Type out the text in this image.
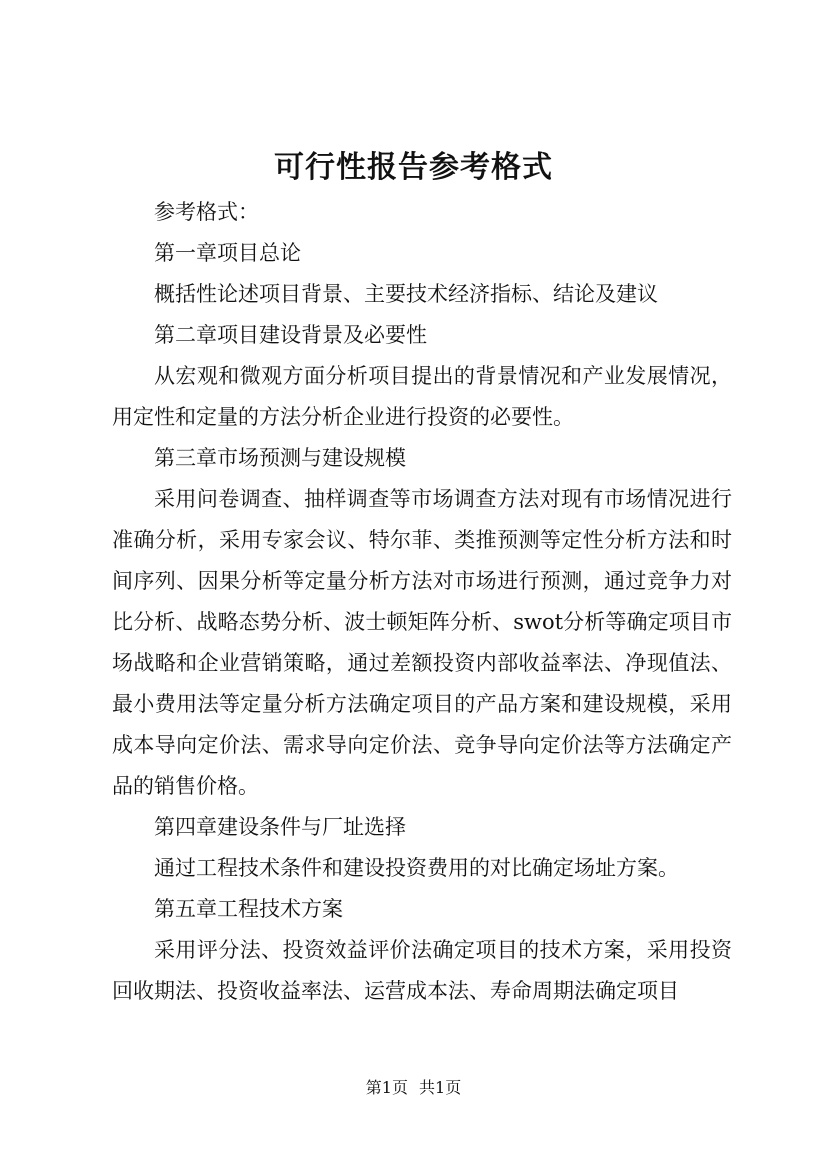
可行性报告参考格式

参考格式：

第一章项目总论

概括性论述项目背景、主要技术经济指标、结论及建议

第二章项目建设背景及必要性

从宏观和微观方面分析项目提出的背景情况和产业发展情况，用定性和定量的方法分析企业进行投资的必要性。

第三章市场预测与建设规模

采用问卷调查、抽样调查等市场调查方法对现有市场情况进行准确分析，采用专家会议、特尔菲、类推预测等定性分析方法和时间序列、因果分析等定量分析方法对市场进行预测，通过竞争力对比分析、战略态势分析、波士顿矩阵分析、swot分析等确定项目市场战略和企业营销策略，通过差额投资内部收益率法、净现值法、最小费用法等定量分析方法确定项目的产品方案和建设规模，采用成本导向定价法、需求导向定价法、竞争导向定价法等方法确定产品的销售价格。

第四章建设条件与厂址选择

通过工程技术条件和建设投资费用的对比确定场址方案。

第五章工程技术方案

采用评分法、投资效益评价法确定项目的技术方案，采用投资回收期法、投资收益率法、运营成本法、寿命周期法确定项目

第1页 共1页
